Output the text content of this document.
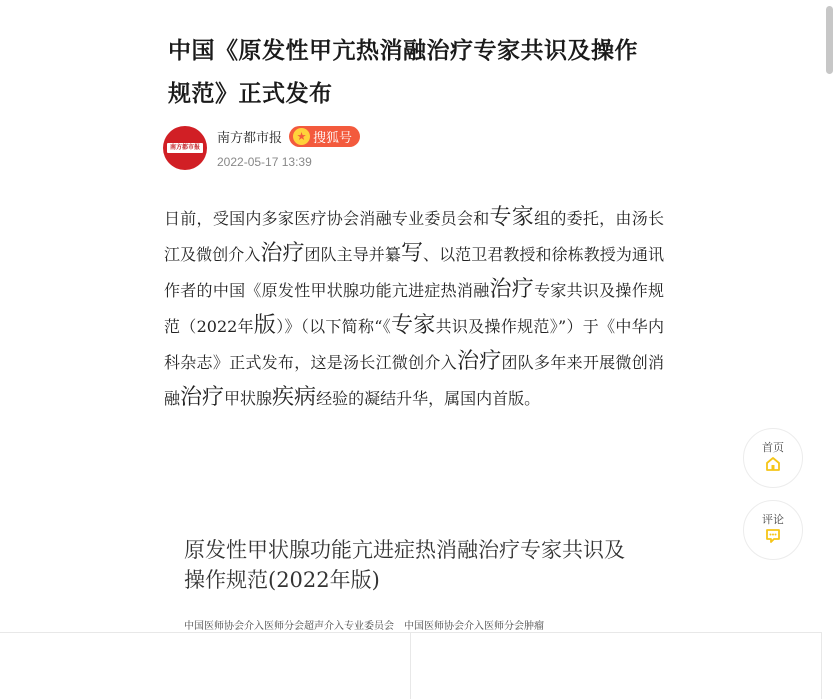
中国《原发性甲亢热消融治疗专家共识及操作规范》正式发布
南方都市报
南方都市报	★ 搜狐号
2022-05-17 13:39

日前，受国内多家医疗协会消融专业委员会和专家组的委托，由汤长江及微创介入治疗团队主导并纂写、以范卫君教授和徐栋教授为通讯作者的中国《原发性甲状腺功能亢进症热消融治疗专家共识及操作规范（2022年版）》（以下简称“《专家共识及操作规范》”）于《中华内科杂志》正式发布，这是汤长江微创介入治疗团队多年来开展微创消融治疗甲状腺疾病经验的凝结升华，属国内首版。

原发性甲状腺功能亢进症热消融治疗专家共识及操作规范(2022年版)
中国医师协会介入医师分会超声介入专业委员会　中国医师协会介入医师分会肿瘤
首页
评论
